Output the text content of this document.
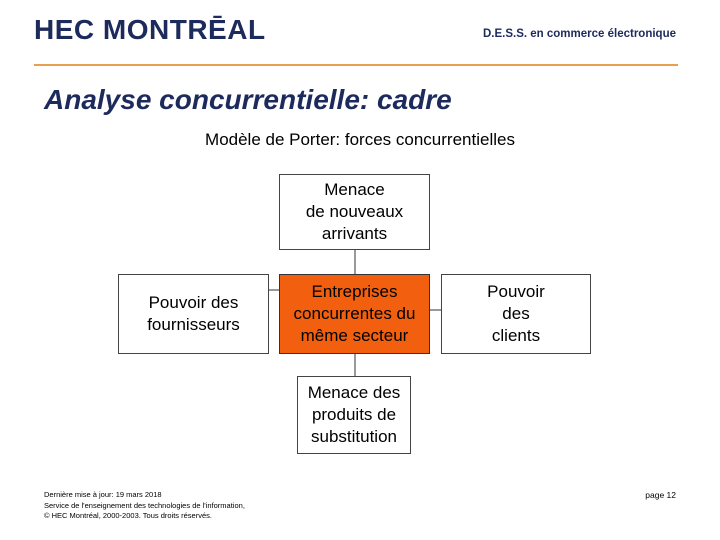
HEC MONTRĒAL	D.E.S.S. en commerce électronique
Analyse concurrentielle: cadre
Modèle de Porter: forces concurrentielles
Menace
de nouveaux
arrivants
Pouvoir des
fournisseurs
Entreprises
concurrentes du
même secteur
Pouvoir
des
clients
Menace des
produits de
substitution
Dernière mise à jour: 19 mars 2018
Service de l'enseignement des technologies de l'information,
© HEC Montréal, 2000-2003. Tous droits réservés.
page 12
